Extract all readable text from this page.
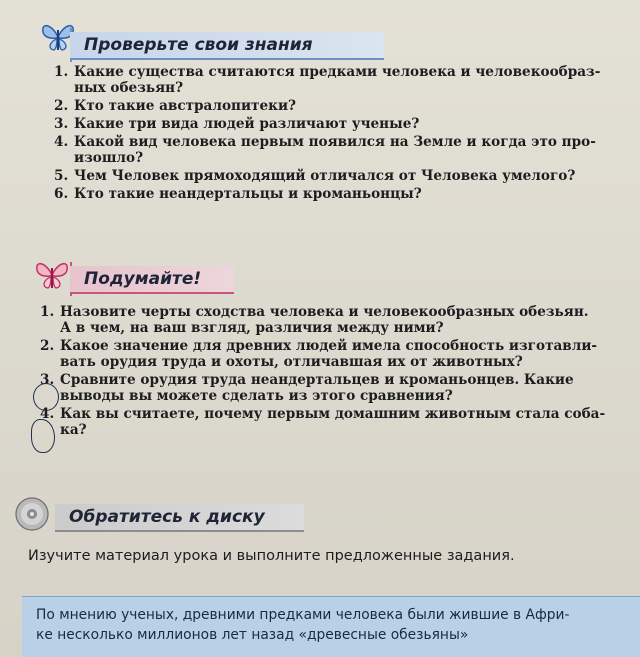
Проверьте свои знания
1. Какие существа считаются предками человека и человекообраз-
ных обезьян?
2. Кто такие австралопитеки?
3. Какие три вида людей различают ученые?
4. Какой вид человека первым появился на Земле и когда это про-
изошло?
5. Чем Человек прямоходящий отличался от Человека умелого?
6. Кто такие неандертальцы и кроманьонцы?
Подумайте!
1. Назовите черты сходства человека и человекообразных обезьян.
А в чем, на ваш взгляд, различия между ними?
2. Какое значение для древних людей имела способность изготавли-
вать орудия труда и охоты, отличавшая их от животных?
3. Сравните орудия труда неандертальцев и кроманьонцев. Какие
выводы вы можете сделать из этого сравнения?
4. Как вы считаете, почему первым домашним животным стала соба-
ка?
Обратитесь к диску

Изучите материал урока и выполните предложенные задания.

По мнению ученых, древними предками человека были жившие в Афри-
ке несколько миллионов лет назад «древесные обезьяны»
